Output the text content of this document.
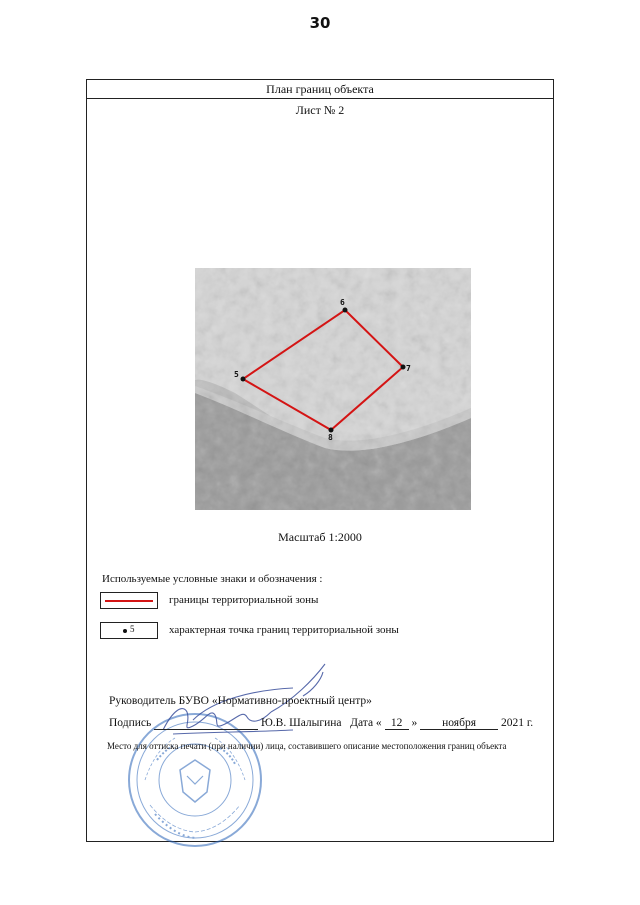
30
План границ объекта
Лист № 2
6
7
8
5
Масштаб 1:2000
Используемые условные знаки и обозначения :
границы территориальной зоны
5	характерная точка границ территориальной зоны
Руководитель БУВО «Нормативно-проектный центр»
Подпись	Ю.В. Шалыгина Дата « 12 » ноября 2021 г.
Место для оттиска печати (при наличии) лица, составившего описание местоположения границ объекта
